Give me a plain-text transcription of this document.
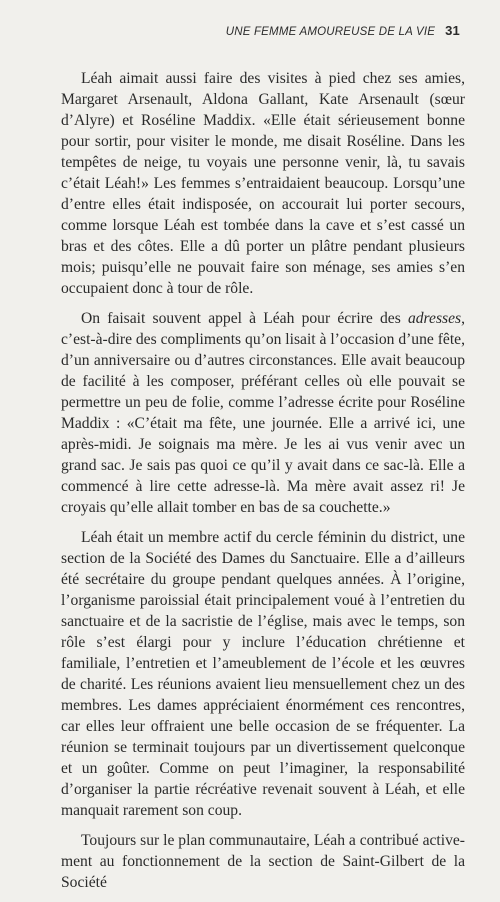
UNE FEMME AMOUREUSE DE LA VIE 31

Léah aimait aussi faire des visites à pied chez ses amies, Margaret Arsenault, Aldona Gallant, Kate Arsenault (sœur d’Alyre) et Roséline Maddix. «Elle était sérieusement bonne pour sortir, pour visiter le monde, me disait Roséline. Dans les tempêtes de neige, tu voyais une personne venir, là, tu savais c’était Léah!» Les femmes s’entraidaient beaucoup. Lorsqu’une d’entre elles était indisposée, on accourait lui porter secours, comme lorsque Léah est tombée dans la cave et s’est cassé un bras et des côtes. Elle a dû porter un plâtre pendant plusieurs mois; puisqu’elle ne pouvait faire son ménage, ses amies s’en occupaient donc à tour de rôle.

On faisait souvent appel à Léah pour écrire des adresses, c’est-à-dire des compliments qu’on lisait à l’occasion d’une fête, d’un anniversaire ou d’autres circonstances. Elle avait beaucoup de facilité à les composer, préférant celles où elle pouvait se permettre un peu de folie, comme l’adresse écrite pour Roséline Maddix : «C’était ma fête, une journée. Elle a arrivé ici, une après-midi. Je soignais ma mère. Je les ai vus venir avec un grand sac. Je sais pas quoi ce qu’il y avait dans ce sac-là. Elle a commencé à lire cette adresse-là. Ma mère avait assez ri! Je croyais qu’elle allait tomber en bas de sa couchette.»

Léah était un membre actif du cercle féminin du district, une section de la Société des Dames du Sanctuaire. Elle a d’ailleurs été secrétaire du groupe pendant quelques années. À l’origine, l’organisme paroissial était principalement voué à l’entretien du sanctuaire et de la sacristie de l’église, mais avec le temps, son rôle s’est élargi pour y inclure l’éducation chrétienne et familiale, l’entretien et l’ameublement de l’école et les œuvres de charité. Les réunions avaient lieu mensuellement chez un des membres. Les dames appréciaient énormément ces rencontres, car elles leur offraient une belle occasion de se fréquenter. La réunion se terminait toujours par un divertissement quelconque et un goûter. Comme on peut l’imaginer, la responsabilité d’organiser la partie récréative revenait souvent à Léah, et elle manquait rarement son coup.

Toujours sur le plan communautaire, Léah a contribué activement au fonctionnement de la section de Saint-Gilbert de la Société
